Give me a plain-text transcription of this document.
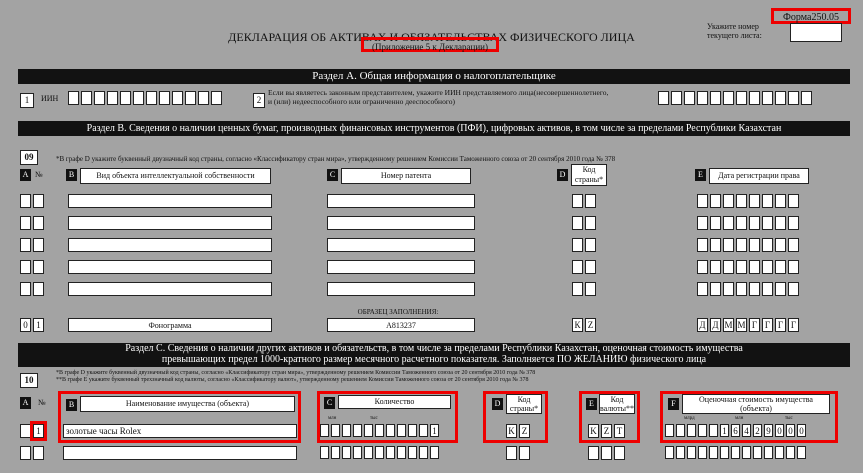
ДЕКЛАРАЦИЯ ОБ АКТИВАХ И ОБЯЗАТЕЛЬСТВАХ ФИЗИЧЕСКОГО ЛИЦА
(Приложение 5 к Декларации)
Форма250.05
Укажите номер текущего листа:
Раздел А. Общая информация о налогоплательщике
1	ИИН	2
Если вы являетесь законным представителем, укажите ИИН представляемого лица(несовершеннолетнего, и (или) недееспособного или ограниченно дееспособного)
Раздел B. Сведения о наличии ценных бумаг, производных финансовых инструментов (ПФИ), цифровых активов, в том числе за пределами Республики Казахстан
09	*В графе D укажите буквенный двузначный код страны, согласно «Классификатору стран мира», утвержденному решением Комиссии Таможенного союза от 20 сентября 2010 года № 378
A №	B	Вид объекта интеллектуальной собственности	C	Номер патента	D
Код страны*
E	Дата регистрации права
ОБРАЗЕЦ ЗАПОЛНЕНИЯ:
0 1	Фонограмма	А813237	К Z	Д Д М М Г Г Г Г
Раздел С. Сведения о наличии других активов и обязательств, в том числе за пределами Республики Казахстан, оценочная стоимость имущества
превышающих предел 1000-кратного размер месячного расчетного показателя. Заполняется ПО ЖЕЛАНИЮ физического лица
10
*В графе D укажите буквенный двузначный код страны, согласно «Классификатору стран мира», утвержденному решением Комиссии Таможенного союза от 20 сентября 2010 года № 378
**В графе E укажите буквенный трехзначный код валюты, согласно «Классификатору валют», утвержденному решением Комиссии Таможенного союза от 20 сентября 2010 года № 378
A	№	B	Наименование имущества (объекта)	C	Количество
млн	тыс
D	Код страны*
E	Код валюты**
F	Оценочная стоимость имущества (объекта)
млрд	млн	тыс
1	золотые часы Rolex	1	K Z	K Z T	1 6 4 2 9 0 0 0
